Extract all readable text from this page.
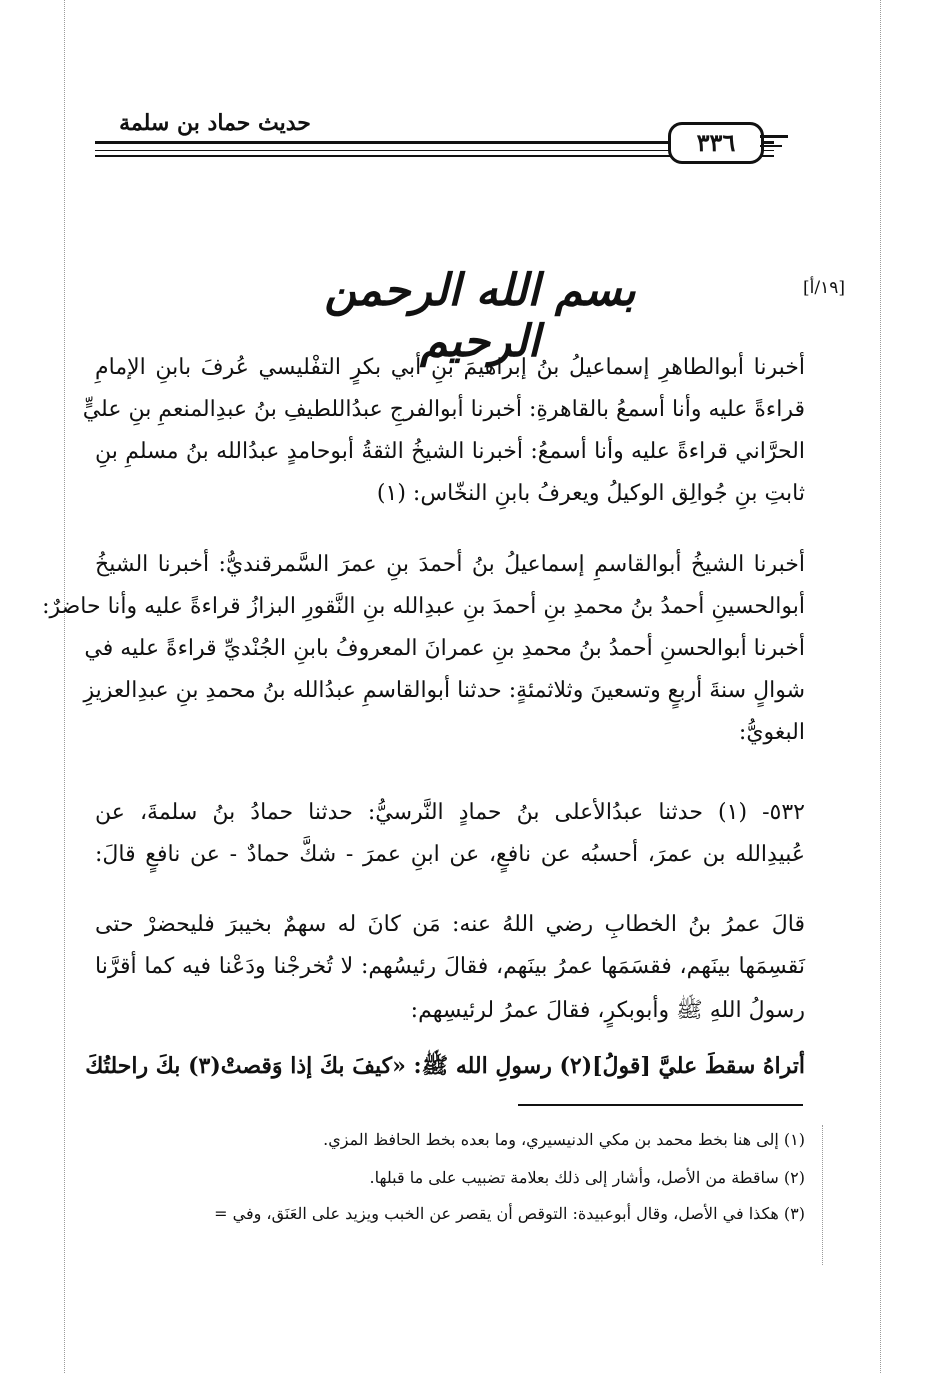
حديث حماد بن سلمة
٣٣٦
[١٩/أ]
بسم الله الرحمن الرحيم
أخبرنا أبوالطاهرِ إسماعيلُ بنُ إبراهيمَ بنِ أبي بكرٍ التفْليسي عُرفَ بابنِ الإمامِ
قراءةً عليه وأنا أسمعُ بالقاهرةِ: أخبرنا أبوالفرجِ عبدُاللطيفِ بنُ عبدِالمنعمِ بنِ عليٍّ
الحرَّاني قراءةً عليه وأنا أسمعُ: أخبرنا الشيخُ الثقةُ أبوحامدٍ عبدُالله بنُ مسلمِ بنِ
ثابتِ بنِ جُوالِق الوكيلُ ويعرفُ بابنِ النخّاس: (١)
أخبرنا الشيخُ أبوالقاسمِ إسماعيلُ بنُ أحمدَ بنِ عمرَ السَّمرقنديُّ: أخبرنا الشيخُ
أبوالحسينِ أحمدُ بنُ محمدِ بنِ أحمدَ بنِ عبدِالله بنِ النَّقورِ البزازُ قراءةً عليه وأنا حاضرٌ:
أخبرنا أبوالحسنِ أحمدُ بنُ محمدِ بنِ عمرانَ المعروفُ بابنِ الجُنْديِّ قراءةً عليه في
شوالٍ سنةَ أربعٍ وتسعينَ وثلاثمئةٍ: حدثنا أبوالقاسمِ عبدُالله بنُ محمدِ بنِ عبدِالعزيزِ
البغويُّ:
٥٣٢- (١) حدثنا عبدُالأعلى بنُ حمادٍ النَّرسيُّ: حدثنا حمادُ بنُ سلمةَ، عن
عُبيدِالله بن عمرَ، أحسبُه عن نافعٍ، عن ابنِ عمرَ - شكَّ حمادٌ - عن نافعٍ قالَ:
قالَ عمرُ بنُ الخطابِ رضي اللهُ عنه: مَن كانَ له سهمٌ بخيبرَ فليحضرْ حتى
نَقسِمَها بينَهم، فقسَمَها عمرُ بينَهم، فقالَ رئيسُهم: لا تُخرجْنا ودَعْنا فيه كما أقرَّنا
رسولُ اللهِ ﷺ وأبوبكرٍ، فقالَ عمرُ لرئيسِهم:
أتراهُ سقطَ عليَّ [قولُ](٢) رسولِ الله ﷺ: «كيفَ بكَ إذا وَقصتْ(٣) بكَ راحلتُكَ
(١) إلى هنا بخط محمد بن مكي الدنيسيري، وما بعده بخط الحافظ المزي.
(٢) ساقطة من الأصل، وأشار إلى ذلك بعلامة تضبيب على ما قبلها.
(٣) هكذا في الأصل، وقال أبوعبيدة: التوقص أن يقصر عن الخبب ويزيد على العَنَق، وفي =
